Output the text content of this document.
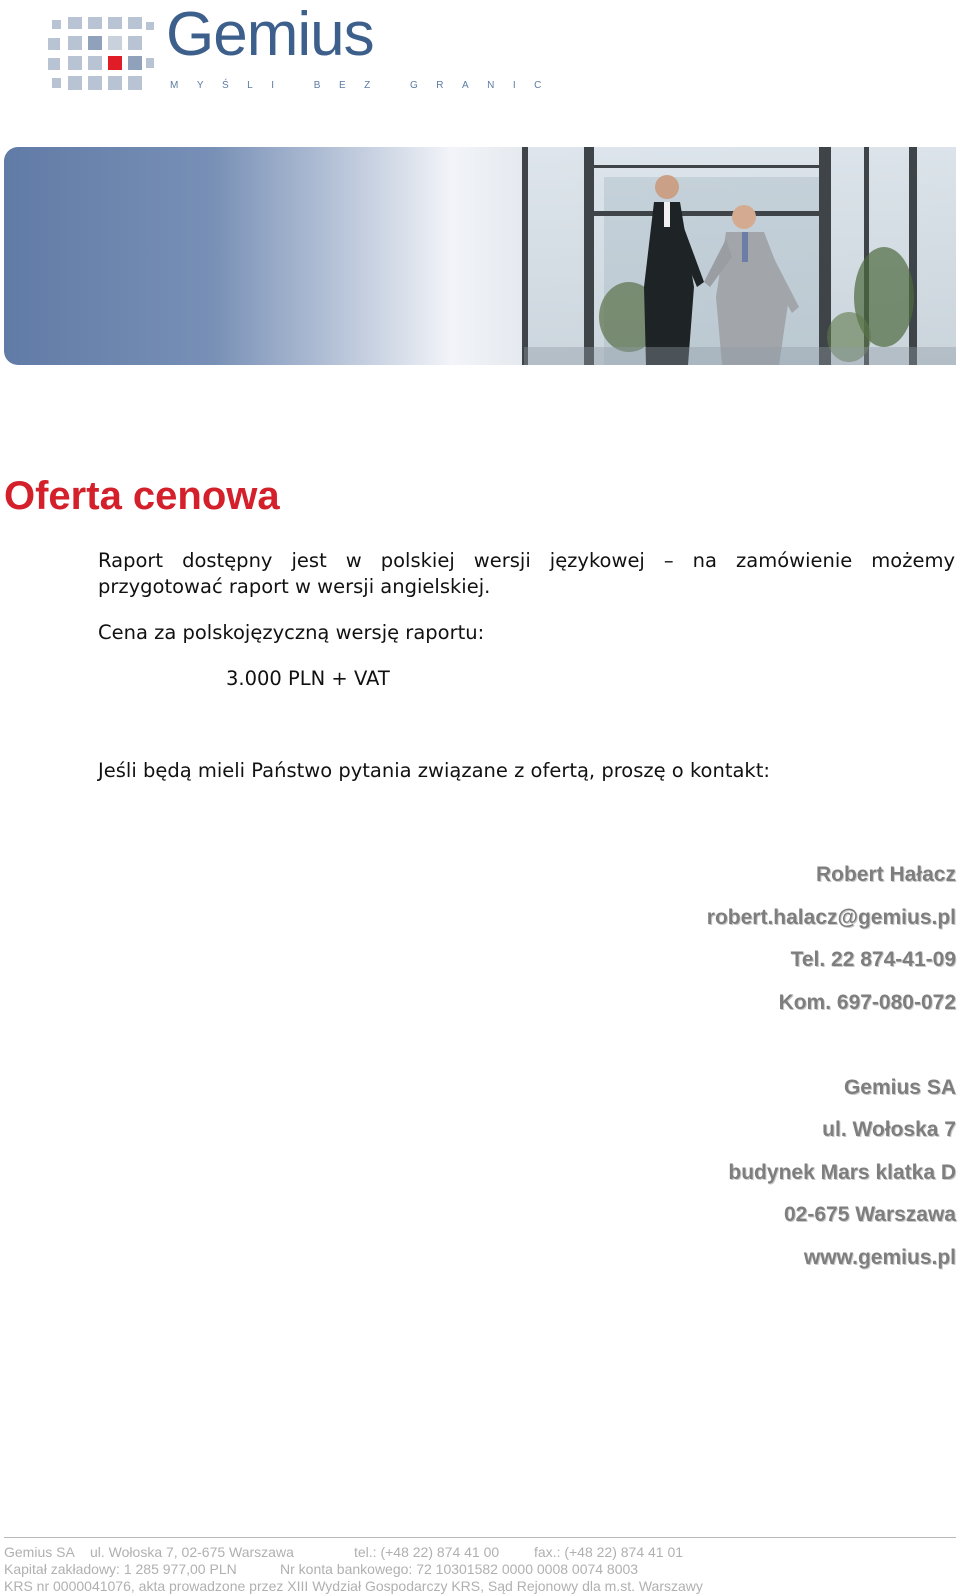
Gemius
MYŚLI BEZ GRANIC
Oferta cenowa

Raport dostępny jest w polskiej wersji językowej – na zamówienie możemy
przygotować raport w wersji angielskiej.

Cena za polskojęzyczną wersję raportu:

3.000 PLN + VAT

Jeśli będą mieli Państwo pytania związane z ofertą, proszę o kontakt:

Robert Hałacz
robert.halacz@gemius.pl
Tel. 22 874-41-09
Kom. 697-080-072
Gemius SA
ul. Wołoska 7
budynek Mars klatka D
02-675 Warszawa
www.gemius.pl
Gemius SA ul. Wołoska 7, 02-675 Warszawa	tel.: (+48 22) 874 41 00 fax.: (+48 22) 874 41 01
Kapitał zakładowy: 1 285 977,00 PLN	Nr konta bankowego: 72 10301582 0000 0008 0074 8003
KRS nr 0000041076, akta prowadzone przez XIII Wydział Gospodarczy KRS, Sąd Rejonowy dla m.st. Warszawy
